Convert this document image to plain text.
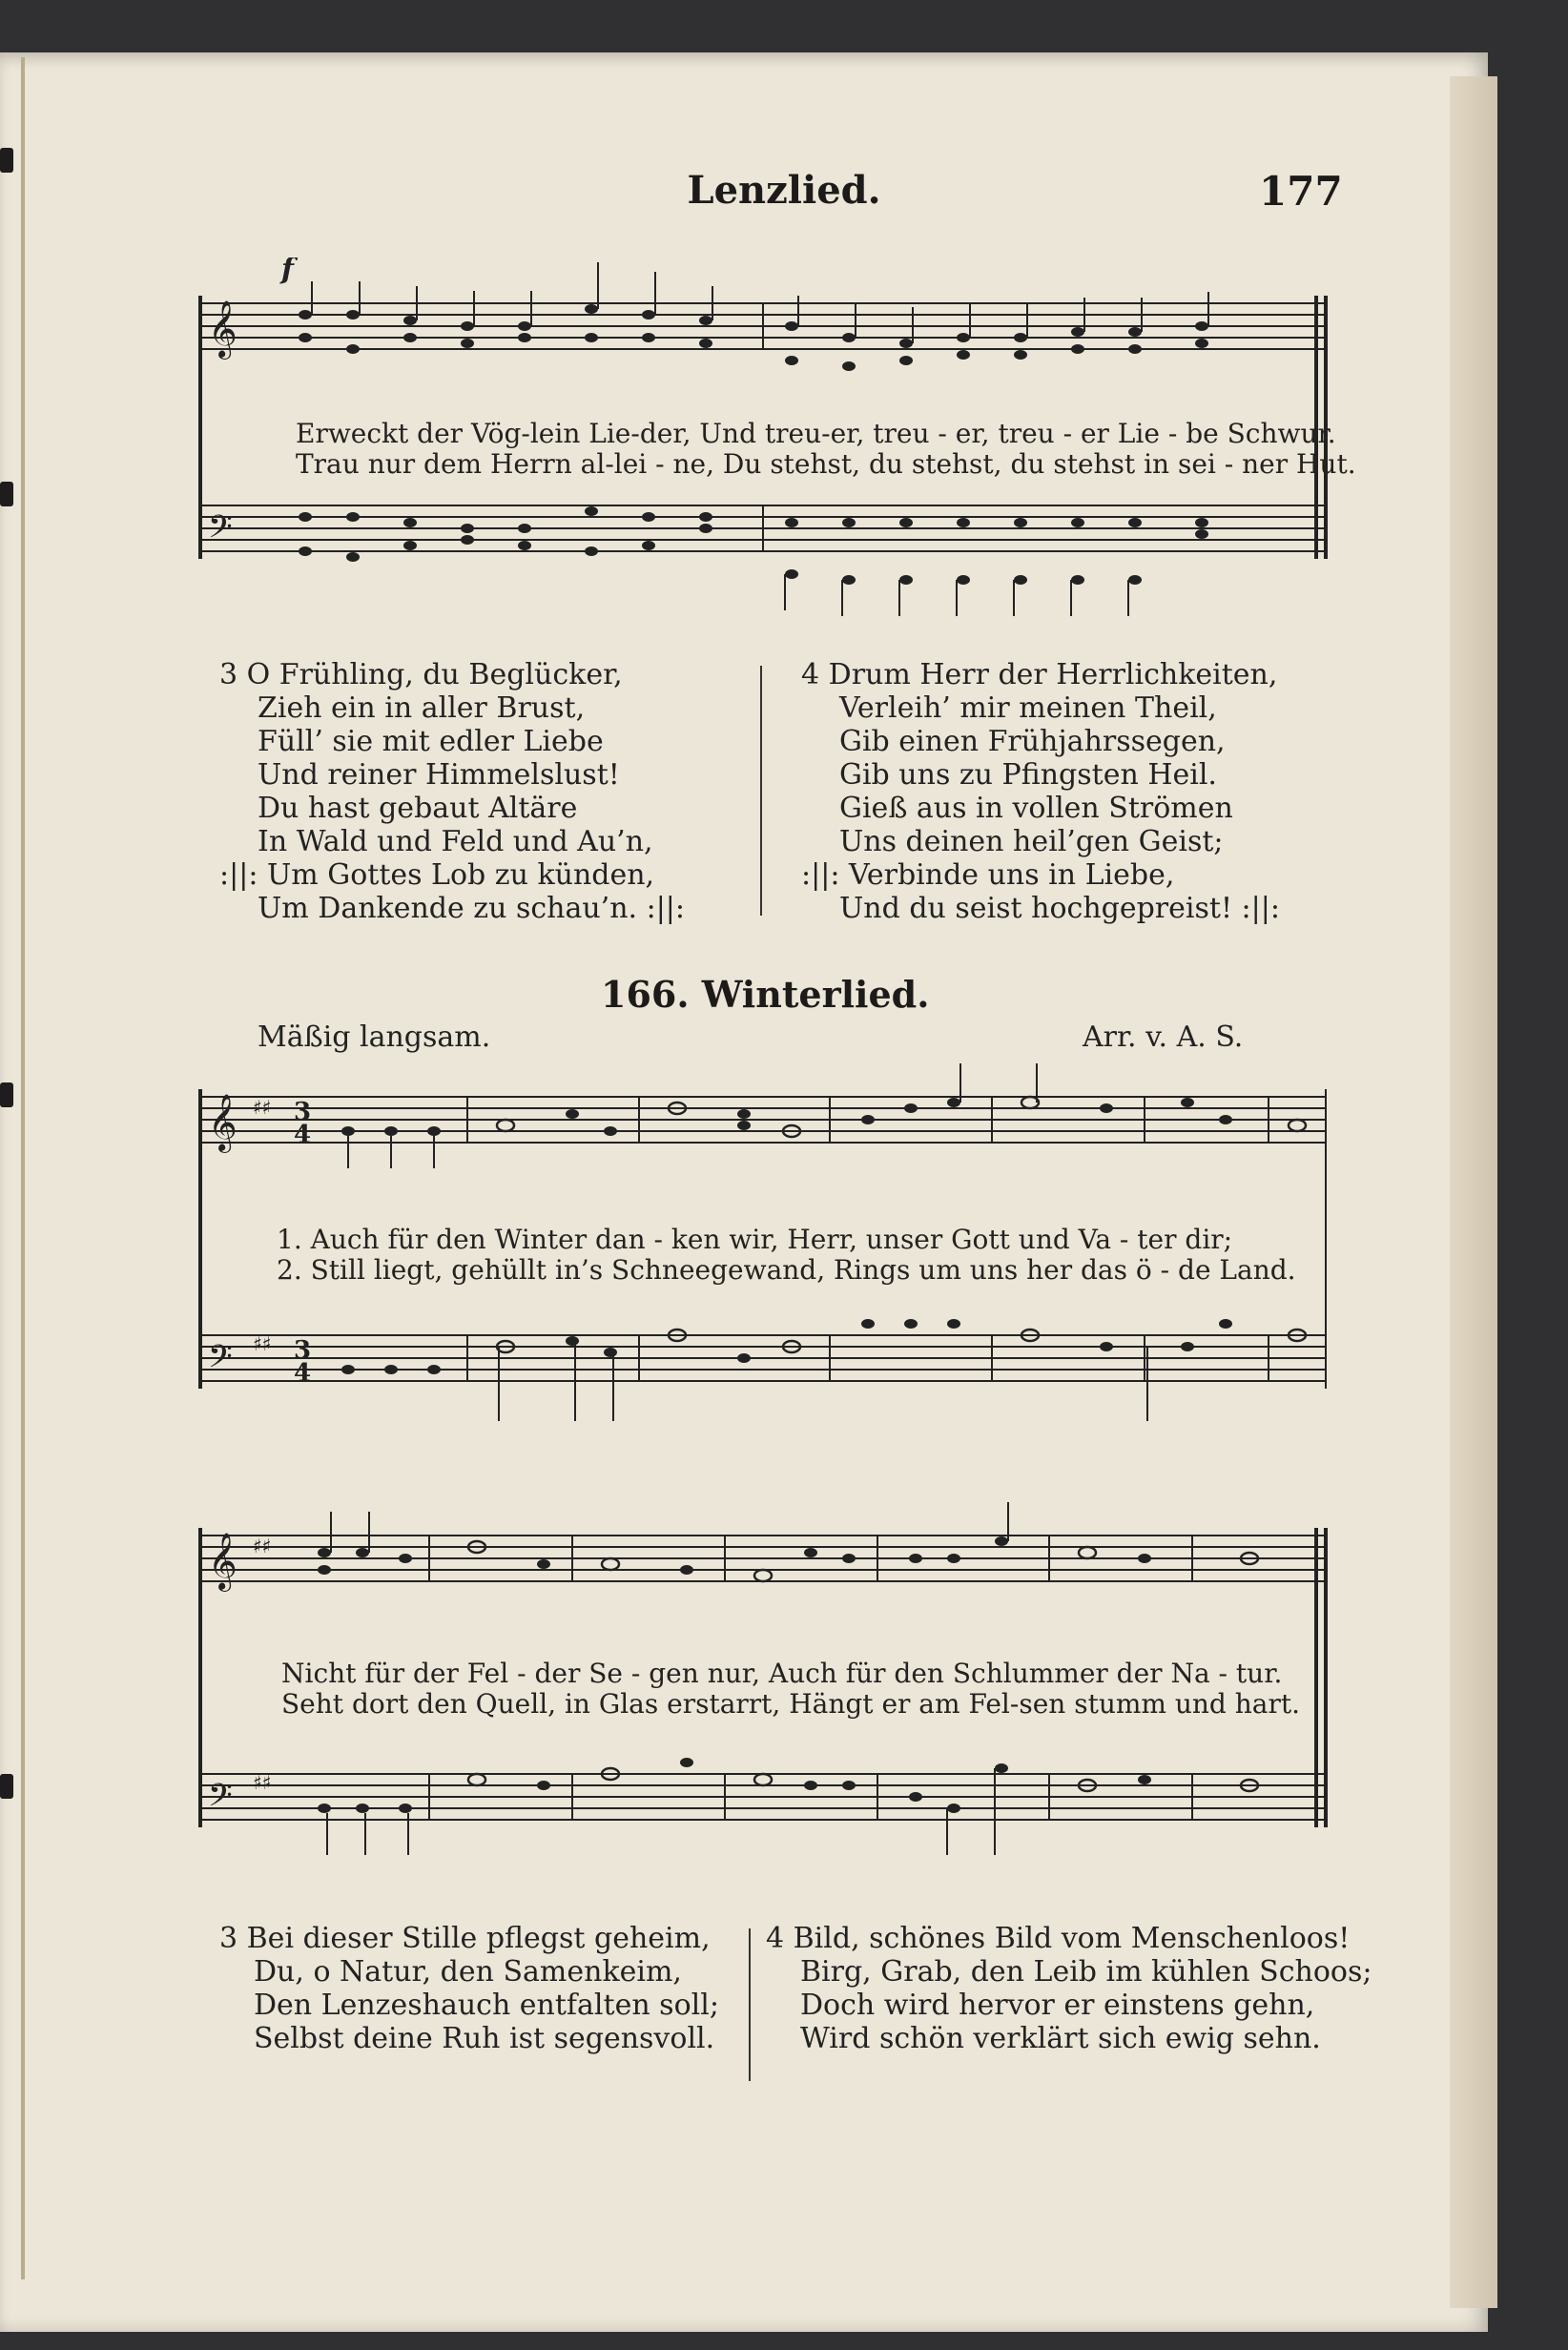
Lenzlied.	177
𝄞
𝄢
f
Erweckt der Vög-lein Lie-der, Und treu-er, treu - er, treu - er Lie - be Schwur.
Trau nur dem Herrn al-lei - ne, Du stehst, du stehst, du stehst in sei - ner Hut.
3 O Frühling, du Beglücker,
Zieh ein in aller Brust,
Füll’ sie mit edler Liebe
Und reiner Himmelslust!
Du hast gebaut Altäre
In Wald und Feld und Au’n,
:||: Um Gottes Lob zu künden,
Um Dankende zu schau’n. :||:
4 Drum Herr der Herrlichkeiten,
Verleih’ mir meinen Theil,
Gib einen Frühjahrssegen,
Gib uns zu Pfingsten Heil.
Gieß aus in vollen Strömen
Uns deinen heil’gen Geist;
:||: Verbinde uns in Liebe,
Und du seist hochgepreist! :||:
166. Winterlied.
Mäßig langsam.	Arr. v. A. S.
𝄞
𝄢
♯♯
♯♯
3
4
3
4
1. Auch für den Winter dan - ken wir, Herr, unser Gott und Va - ter dir;
2. Still liegt, gehüllt in’s Schneegewand, Rings um uns her das ö - de Land.
𝄞
𝄢
♯♯
♯♯
Nicht für der Fel - der Se - gen nur, Auch für den Schlummer der Na - tur.
Seht dort den Quell, in Glas erstarrt, Hängt er am Fel-sen stumm und hart.
3 Bei dieser Stille pflegst geheim,
Du, o Natur, den Samenkeim,
Den Lenzeshauch entfalten soll;
Selbst deine Ruh ist segensvoll.
4 Bild, schönes Bild vom Menschenloos!
Birg, Grab, den Leib im kühlen Schoos;
Doch wird hervor er einstens gehn,
Wird schön verklärt sich ewig sehn.
